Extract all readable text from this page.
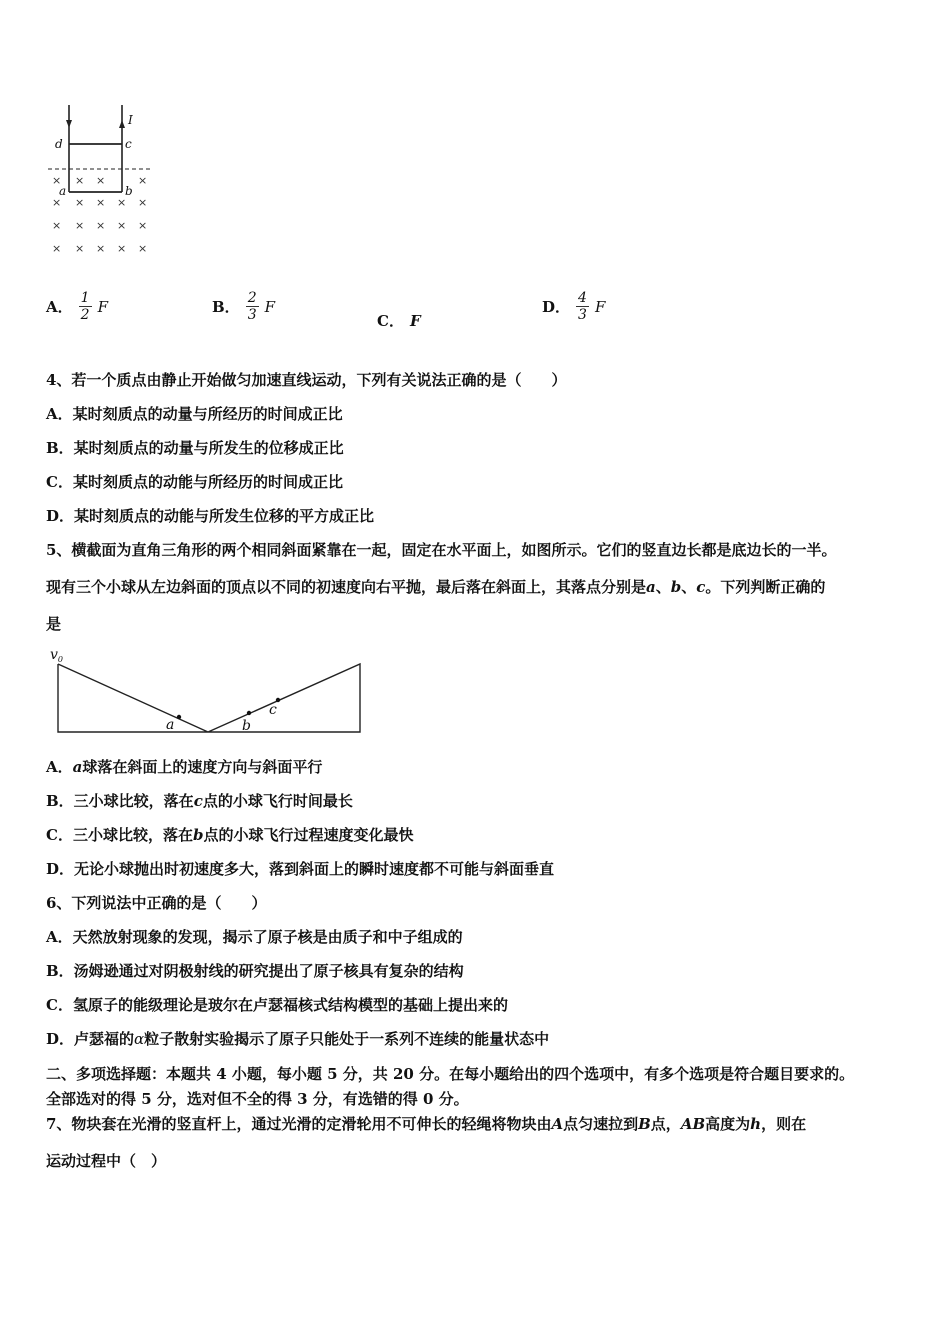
× × ×	×
× × × × ×
× × × × ×
× × × × ×
I
d	c
a	b
A． $\frac{1}{2}$ F	B． $\frac{2}{3}$ F
C． F
D． $\frac{4}{3}$ F
4、若一个质点由静止开始做匀加速直线运动，下列有关说法正确的是（　　）
A．某时刻质点的动量与所经历的时间成正比
B．某时刻质点的动量与所发生的位移成正比
C．某时刻质点的动能与所经历的时间成正比
D．某时刻质点的动能与所发生位移的平方成正比
5、横截面为直角三角形的两个相同斜面紧靠在一起，固定在水平面上，如图所示。它们的竖直边长都是底边长的一半。
现有三个小球从左边斜面的顶点以不同的初速度向右平抛，最后落在斜面上，其落点分别是a、b、c。下列判断正确的
是
$v_0$
a	b
c
A．a球落在斜面上的速度方向与斜面平行
B．三小球比较，落在c点的小球飞行时间最长
C．三小球比较，落在b点的小球飞行过程速度变化最快
D．无论小球抛出时初速度多大，落到斜面上的瞬时速度都不可能与斜面垂直
6、下列说法中正确的是（　　）
A．天然放射现象的发现，揭示了原子核是由质子和中子组成的
B．汤姆逊通过对阴极射线的研究提出了原子核具有复杂的结构
C．氢原子的能级理论是玻尔在卢瑟福核式结构模型的基础上提出来的
D．卢瑟福的α粒子散射实验揭示了原子只能处于一系列不连续的能量状态中
二、多项选择题：本题共 4 小题，每小题 5 分，共 20 分。在每小题给出的四个选项中，有多个选项是符合题目要求的。
全部选对的得 5 分，选对但不全的得 3 分，有选错的得 0 分。
7、物块套在光滑的竖直杆上，通过光滑的定滑轮用不可伸长的轻绳将物块由A点匀速拉到B点，AB高度为h，则在
运动过程中（　）
